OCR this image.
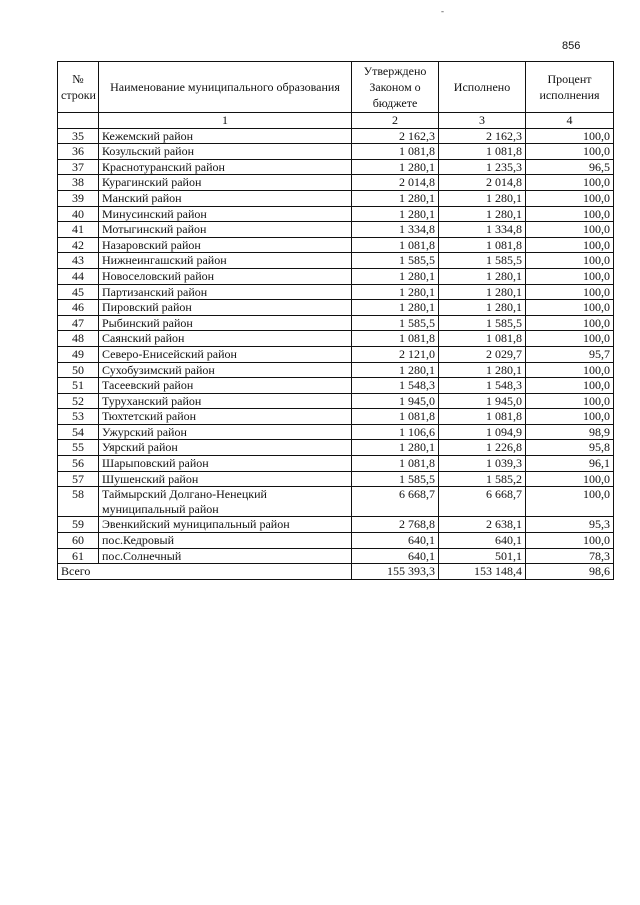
856
-
№ строки	Наименование муниципального образования	Утверждено Законом о бюджете	Исполнено	Процент исполнения
	1	2	3	4
35	Кежемский район	2 162,3	2 162,3	100,0
36	Козульский район	1 081,8	1 081,8	100,0
37	Краснотуранский район	1 280,1	1 235,3	96,5
38	Курагинский район	2 014,8	2 014,8	100,0
39	Манский район	1 280,1	1 280,1	100,0
40	Минусинский район	1 280,1	1 280,1	100,0
41	Мотыгинский район	1 334,8	1 334,8	100,0
42	Назаровский район	1 081,8	1 081,8	100,0
43	Нижнеингашский район	1 585,5	1 585,5	100,0
44	Новоселовский район	1 280,1	1 280,1	100,0
45	Партизанский район	1 280,1	1 280,1	100,0
46	Пировский район	1 280,1	1 280,1	100,0
47	Рыбинский район	1 585,5	1 585,5	100,0
48	Саянский район	1 081,8	1 081,8	100,0
49	Северо-Енисейский район	2 121,0	2 029,7	95,7
50	Сухобузимский район	1 280,1	1 280,1	100,0
51	Тасеевский район	1 548,3	1 548,3	100,0
52	Туруханский район	1 945,0	1 945,0	100,0
53	Тюхтетский район	1 081,8	1 081,8	100,0
54	Ужурский район	1 106,6	1 094,9	98,9
55	Уярский район	1 280,1	1 226,8	95,8
56	Шарыповский район	1 081,8	1 039,3	96,1
57	Шушенский район	1 585,5	1 585,2	100,0
58	Таймырский Долгано-Ненецкий муниципальный район	6 668,7	6 668,7	100,0
59	Эвенкийский муниципальный район	2 768,8	2 638,1	95,3
60	пос.Кедровый	640,1	640,1	100,0
61	пос.Солнечный	640,1	501,1	78,3
Всего		155 393,3	153 148,4	98,6
